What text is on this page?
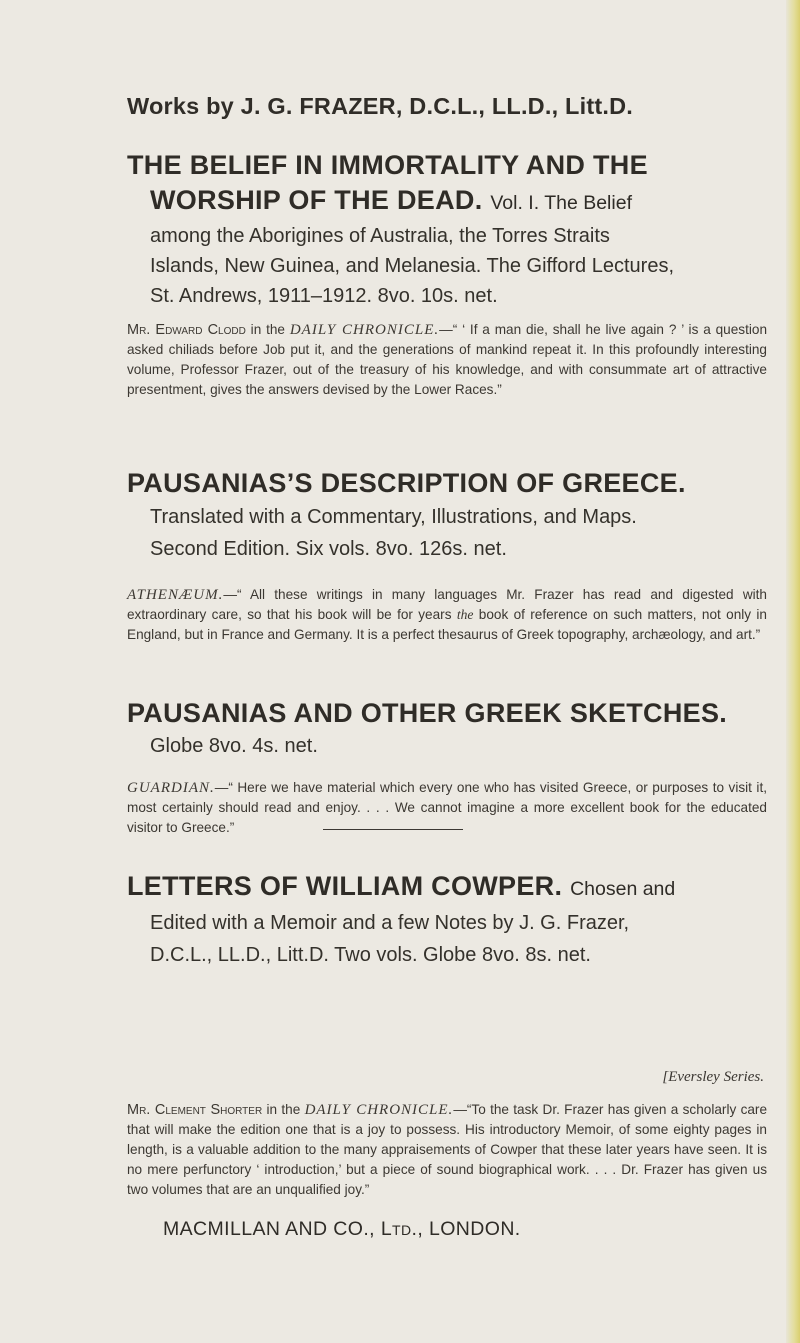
Works by J. G. FRAZER, D.C.L., LL.D., Litt.D.
THE BELIEF IN IMMORTALITY AND THE
WORSHIP OF THE DEAD. Vol. I. The Belief
among the Aborigines of Australia, the Torres Straits
Islands, New Guinea, and Melanesia. The Gifford Lectures,
St. Andrews, 1911–1912. 8vo. 10s. net.
Mr. Edward Clodd in the DAILY CHRONICLE.—“ ‘ If a man die, shall he live again ? ’ is a question asked chiliads before Job put it, and the generations of mankind repeat it. In this profoundly interesting volume, Professor Frazer, out of the treasury of his knowledge, and with consummate art of attractive presentment, gives the answers devised by the Lower Races.”
PAUSANIAS’S DESCRIPTION OF GREECE.
Translated with a Commentary, Illustrations, and Maps.
Second Edition. Six vols. 8vo. 126s. net.
ATHENÆUM.—“ All these writings in many languages Mr. Frazer has read and digested with extraordinary care, so that his book will be for years the book of reference on such matters, not only in England, but in France and Germany. It is a perfect thesaurus of Greek topography, archæology, and art.”
PAUSANIAS AND OTHER GREEK SKETCHES.
Globe 8vo. 4s. net.
GUARDIAN.—“ Here we have material which every one who has visited Greece, or purposes to visit it, most certainly should read and enjoy. . . . We cannot imagine a more excellent book for the educated visitor to Greece.”
LETTERS OF WILLIAM COWPER. Chosen and
Edited with a Memoir and a few Notes by J. G. Frazer,
D.C.L., LL.D., Litt.D. Two vols. Globe 8vo. 8s. net.
[Eversley Series.
Mr. Clement Shorter in the DAILY CHRONICLE.—“To the task Dr. Frazer has given a scholarly care that will make the edition one that is a joy to possess. His introductory Memoir, of some eighty pages in length, is a valuable addition to the many appraisements of Cowper that these later years have seen. It is no mere perfunctory ‘ introduction,’ but a piece of sound biographical work. . . . Dr. Frazer has given us two volumes that are an unqualified joy.”
MACMILLAN AND CO., Ltd., LONDON.
